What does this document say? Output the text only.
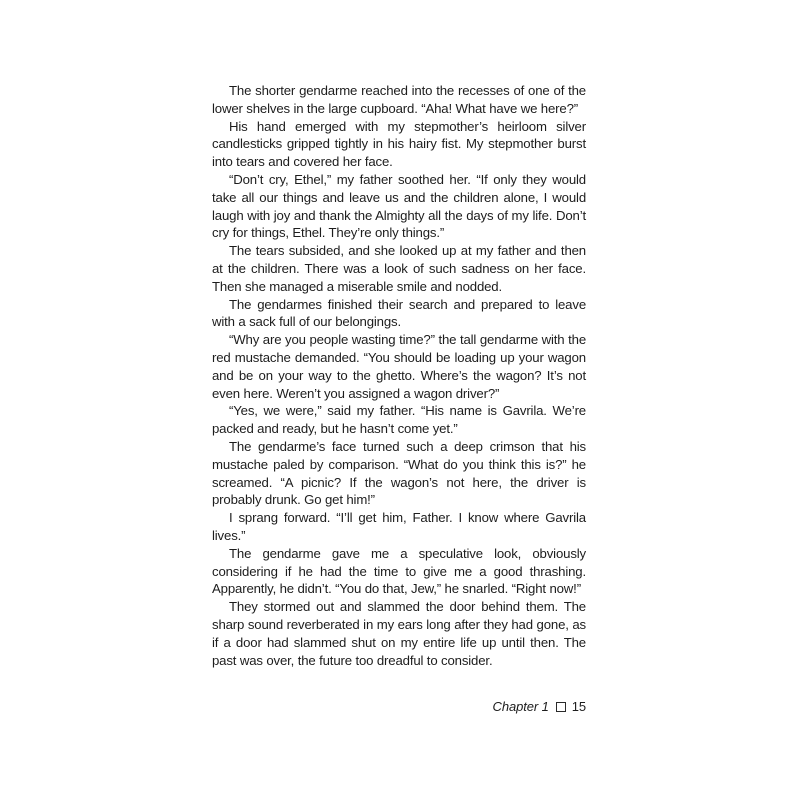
The shorter gendarme reached into the recesses of one of the lower shelves in the large cupboard. “Aha! What have we here?”

His hand emerged with my stepmother’s heirloom silver candlesticks gripped tightly in his hairy fist. My stepmother burst into tears and covered her face.

“Don’t cry, Ethel,” my father soothed her. “If only they would take all our things and leave us and the children alone, I would laugh with joy and thank the Almighty all the days of my life. Don’t cry for things, Ethel. They’re only things.”

The tears subsided, and she looked up at my father and then at the children. There was a look of such sadness on her face. Then she managed a miserable smile and nodded.

The gendarmes finished their search and prepared to leave with a sack full of our belongings.

“Why are you people wasting time?” the tall gendarme with the red mustache demanded. “You should be loading up your wagon and be on your way to the ghetto. Where’s the wagon? It’s not even here. Weren’t you assigned a wagon driver?”

“Yes, we were,” said my father. “His name is Gavrila. We’re packed and ready, but he hasn’t come yet.”

The gendarme’s face turned such a deep crimson that his mustache paled by comparison. “What do you think this is?” he screamed. “A picnic? If the wagon’s not here, the driver is probably drunk. Go get him!”

I sprang forward. “I’ll get him, Father. I know where Gavrila lives.”

The gendarme gave me a speculative look, obviously considering if he had the time to give me a good thrashing. Apparently, he didn’t. “You do that, Jew,” he snarled. “Right now!”

They stormed out and slammed the door behind them. The sharp sound reverberated in my ears long after they had gone, as if a door had slammed shut on my entire life up until then. The past was over, the future too dreadful to consider.

Chapter 1 15
